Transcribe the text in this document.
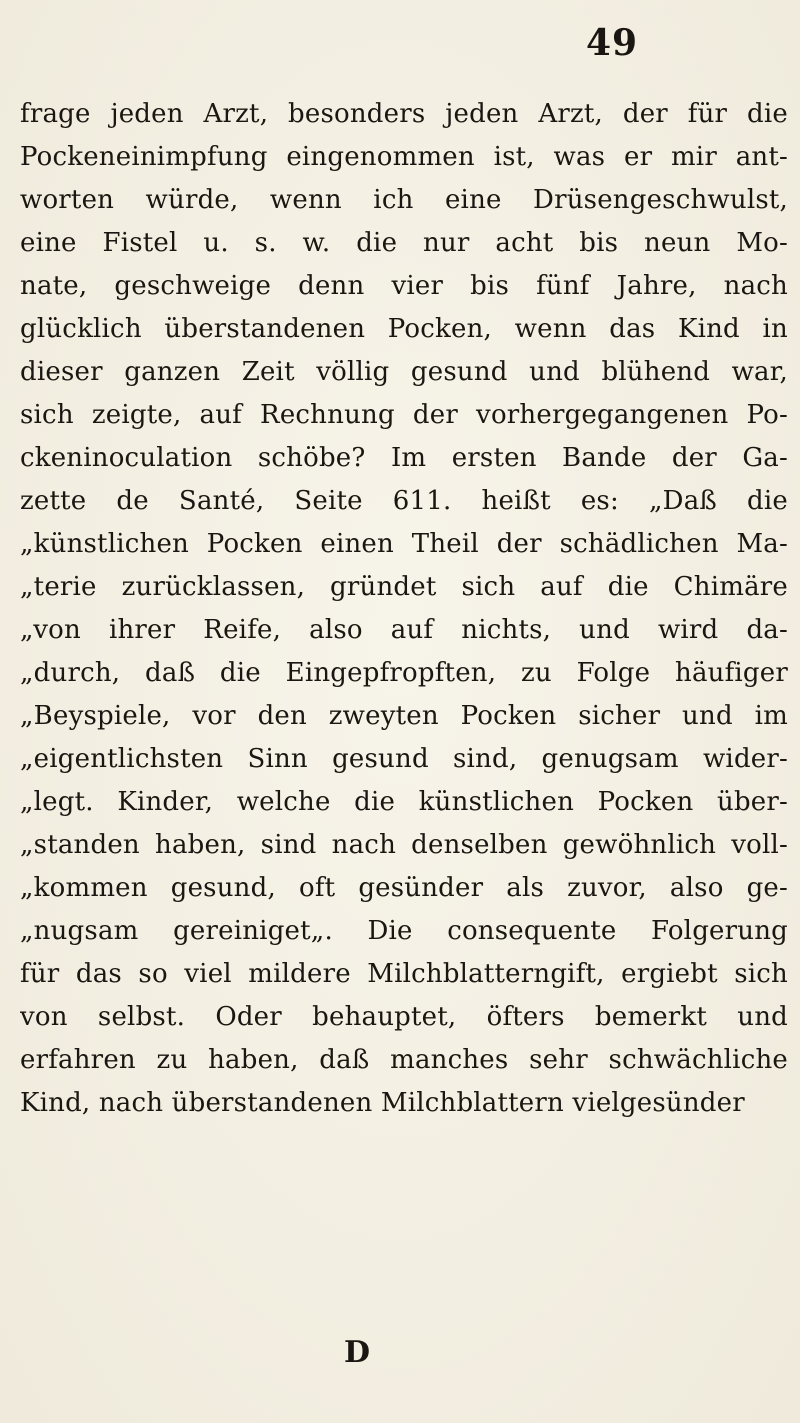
49
frage jeden Arzt, besonders jeden Arzt, der für die
Pockeneinimpfung eingenommen ist, was er mir ant-
worten würde, wenn ich eine Drüsengeschwulst,
eine Fistel u. s. w. die nur acht bis neun Mo-
nate, geschweige denn vier bis fünf Jahre, nach
glücklich überstandenen Pocken, wenn das Kind in
dieser ganzen Zeit völlig gesund und blühend war,
sich zeigte, auf Rechnung der vorhergegangenen Po-
ckeninoculation schöbe? Im ersten Bande der Ga-
zette de Santé, Seite 611. heißt es: „Daß die
„künstlichen Pocken einen Theil der schädlichen Ma-
„terie zurücklassen, gründet sich auf die Chimäre
„von ihrer Reife, also auf nichts, und wird da-
„durch, daß die Eingepfropften, zu Folge häufiger
„Beyspiele, vor den zweyten Pocken sicher und im
„eigentlichsten Sinn gesund sind, genugsam wider-
„legt. Kinder, welche die künstlichen Pocken über-
„standen haben, sind nach denselben gewöhnlich voll-
„kommen gesund, oft gesünder als zuvor, also ge-
„nugsam gereiniget„. Die consequente Folgerung
für das so viel mildere Milchblatterngift, ergiebt sich
von selbst. Oder behauptet, öfters bemerkt und
erfahren zu haben, daß manches sehr schwächliche
Kind, nach überstandenen Milchblattern vielgesünder
D
